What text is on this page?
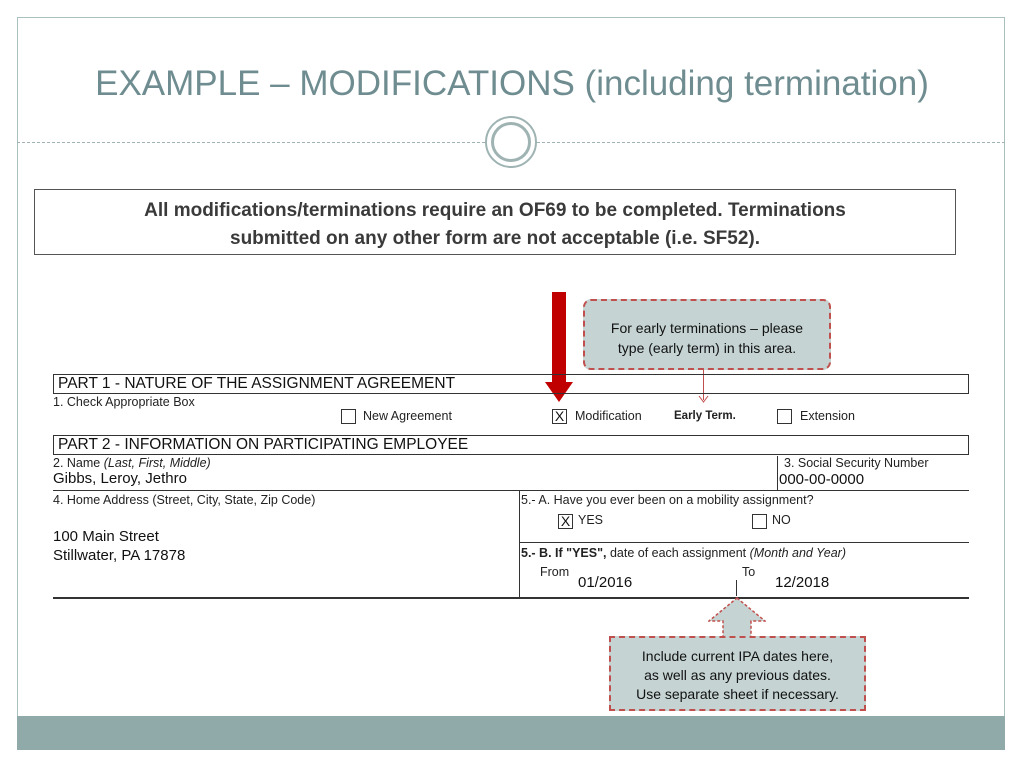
EXAMPLE – MODIFICATIONS (including termination)
All modifications/terminations require an OF69 to be completed. Terminations
submitted on any other form are not acceptable (i.e. SF52).
For early terminations – please
type (early term) in this area.
PART 1 - NATURE OF THE ASSIGNMENT AGREEMENT
1. Check Appropriate Box
New Agreement	X Modification	Early Term.	Extension
PART 2 - INFORMATION ON PARTICIPATING EMPLOYEE
2. Name (Last, First, Middle)
Gibbs, Leroy, Jethro
3. Social Security Number
000-00-0000
4. Home Address (Street, City, State, Zip Code)
100 Main Street
Stillwater, PA 17878
5.- A. Have you ever been on a mobility assignment?
X YES	NO
5.- B. If "YES", date of each assignment (Month and Year)
From
01/2016
To
12/2018
Include current IPA dates here,
as well as any previous dates.
Use separate sheet if necessary.
